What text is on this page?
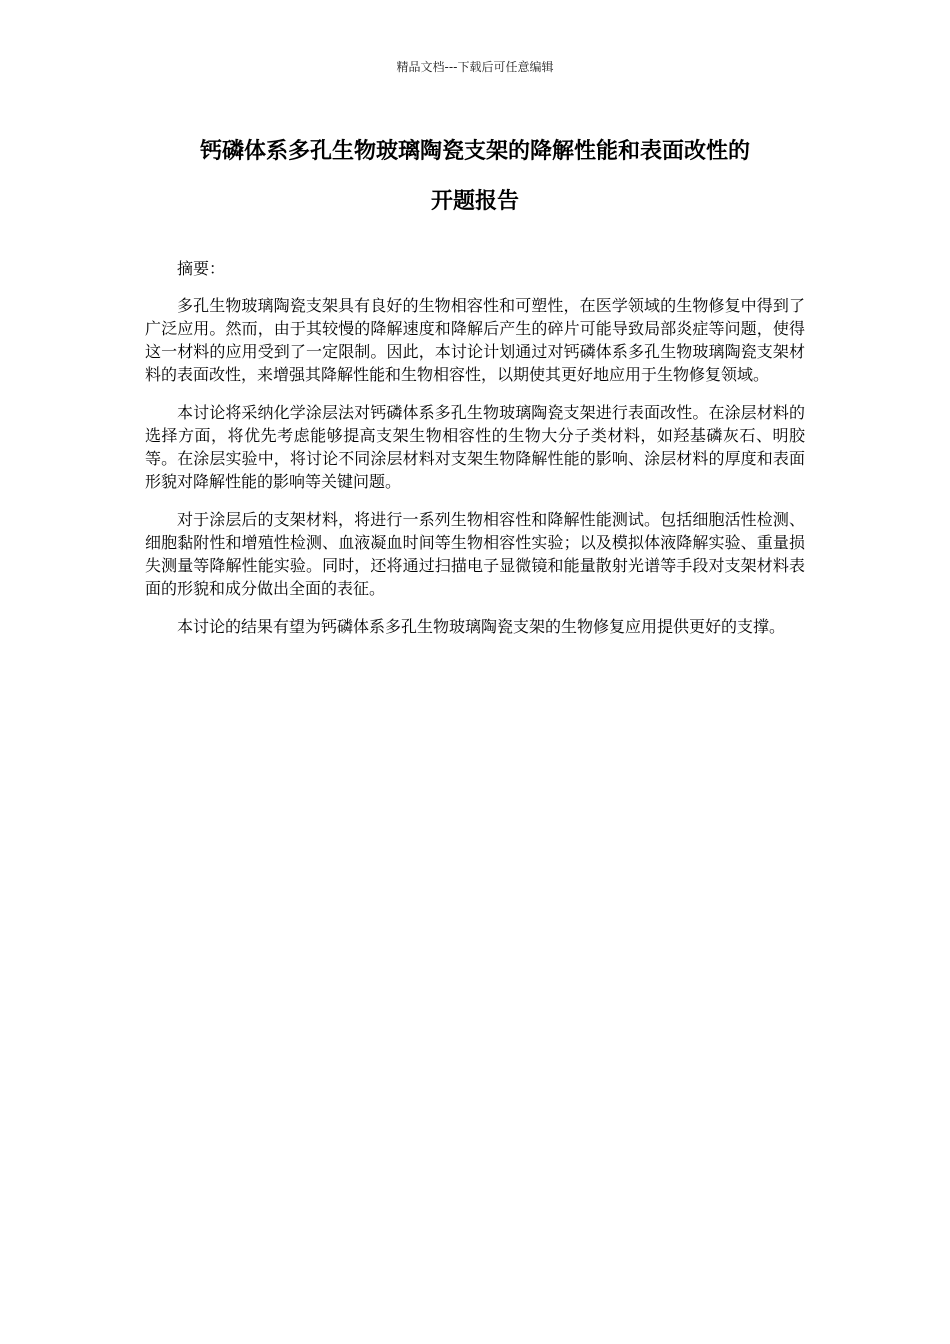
精品文档---下载后可任意编辑
钙磷体系多孔生物玻璃陶瓷支架的降解性能和表面改性的
开题报告

摘要：

多孔生物玻璃陶瓷支架具有良好的生物相容性和可塑性，在医学领域的生物修复中得到了广泛应用。然而，由于其较慢的降解速度和降解后产生的碎片可能导致局部炎症等问题，使得这一材料的应用受到了一定限制。因此，本讨论计划通过对钙磷体系多孔生物玻璃陶瓷支架材料的表面改性，来增强其降解性能和生物相容性，以期使其更好地应用于生物修复领域。

本讨论将采纳化学涂层法对钙磷体系多孔生物玻璃陶瓷支架进行表面改性。在涂层材料的选择方面，将优先考虑能够提高支架生物相容性的生物大分子类材料，如羟基磷灰石、明胶等。在涂层实验中，将讨论不同涂层材料对支架生物降解性能的影响、涂层材料的厚度和表面形貌对降解性能的影响等关键问题。

对于涂层后的支架材料，将进行一系列生物相容性和降解性能测试。包括细胞活性检测、细胞黏附性和增殖性检测、血液凝血时间等生物相容性实验；以及模拟体液降解实验、重量损失测量等降解性能实验。同时，还将通过扫描电子显微镜和能量散射光谱等手段对支架材料表面的形貌和成分做出全面的表征。

本讨论的结果有望为钙磷体系多孔生物玻璃陶瓷支架的生物修复应用提供更好的支撑。
